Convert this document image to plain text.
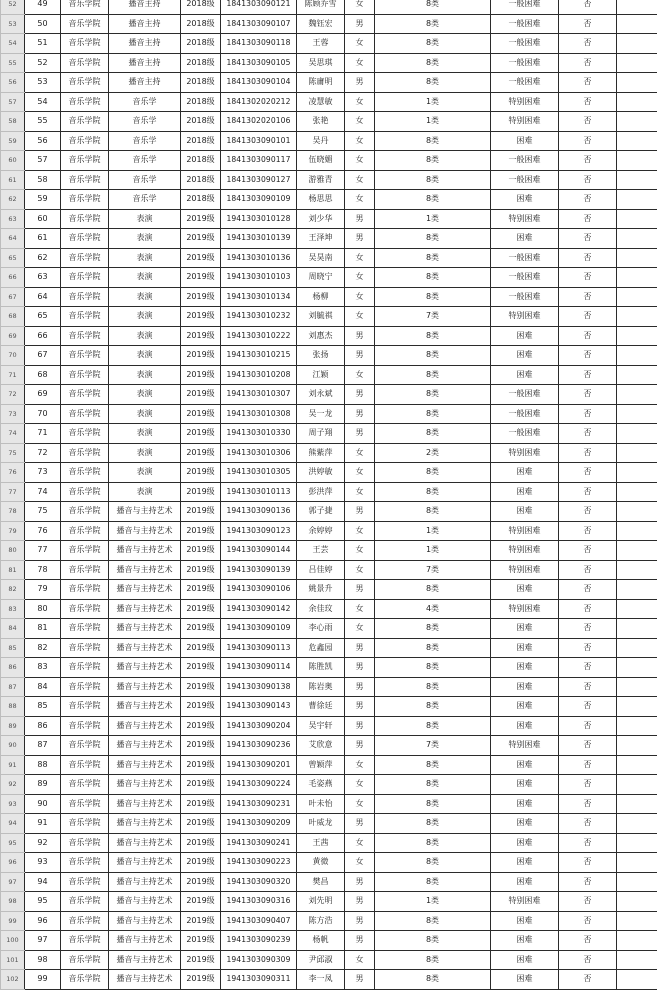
52	49	音乐学院	播音主持	2018级	1841303090121	陈顾乔雪	女	8类	一般困难	否	
53	50	音乐学院	播音主持	2018级	1841303090107	魏钰宏	男	8类	一般困难	否	
54	51	音乐学院	播音主持	2018级	1841303090118	王蓉	女	8类	一般困难	否	
55	52	音乐学院	播音主持	2018级	1841303090105	吴思琪	女	8类	一般困难	否	
56	53	音乐学院	播音主持	2018级	1841303090104	陈庸明	男	8类	一般困难	否	
57	54	音乐学院	音乐学	2018级	1841302020212	凌慧敏	女	1类	特别困难	否	
58	55	音乐学院	音乐学	2018级	1841302020106	张艳	女	1类	特别困难	否	
59	56	音乐学院	音乐学	2018级	1841303090101	吴丹	女	8类	困难	否	
60	57	音乐学院	音乐学	2018级	1841303090117	伍晓媚	女	8类	一般困难	否	
61	58	音乐学院	音乐学	2018级	1841303090127	游雅青	女	8类	一般困难	否	
62	59	音乐学院	音乐学	2018级	1841303090109	杨思思	女	8类	困难	否	
63	60	音乐学院	表演	2019级	1941303010128	刘少华	男	1类	特别困难	否	
64	61	音乐学院	表演	2019级	1941303010139	王泽坤	男	8类	困难	否	
65	62	音乐学院	表演	2019级	1941303010136	吴昊南	女	8类	一般困难	否	
66	63	音乐学院	表演	2019级	1941303010103	周晓宁	女	8类	一般困难	否	
67	64	音乐学院	表演	2019级	1941303010134	杨柳	女	8类	一般困难	否	
68	65	音乐学院	表演	2019级	1941303010232	刘毓祺	女	7类	特别困难	否	
69	66	音乐学院	表演	2019级	1941303010222	刘惠杰	男	8类	困难	否	
70	67	音乐学院	表演	2019级	1941303010215	张扬	男	8类	困难	否	
71	68	音乐学院	表演	2019级	1941303010208	江颖	女	8类	困难	否	
72	69	音乐学院	表演	2019级	1941303010307	刘永斌	男	8类	一般困难	否	
73	70	音乐学院	表演	2019级	1941303010308	吴一龙	男	8类	一般困难	否	
74	71	音乐学院	表演	2019级	1941303010330	周子翔	男	8类	一般困难	否	
75	72	音乐学院	表演	2019级	1941303010306	熊紫萍	女	2类	特别困难	否	
76	73	音乐学院	表演	2019级	1941303010305	洪婷敏	女	8类	困难	否	
77	74	音乐学院	表演	2019级	1941303010113	彭洪萍	女	8类	困难	否	
78	75	音乐学院	播音与主持艺术	2019级	1941303090136	郭子捷	男	8类	困难	否	
79	76	音乐学院	播音与主持艺术	2019级	1941303090123	余婷婷	女	1类	特别困难	否	
80	77	音乐学院	播音与主持艺术	2019级	1941303090144	王芸	女	1类	特别困难	否	
81	78	音乐学院	播音与主持艺术	2019级	1941303090139	吕佳婷	女	7类	特别困难	否	
82	79	音乐学院	播音与主持艺术	2019级	1941303090106	姚景升	男	8类	困难	否	
83	80	音乐学院	播音与主持艺术	2019级	1941303090142	余佳玟	女	4类	特别困难	否	
84	81	音乐学院	播音与主持艺术	2019级	1941303090109	李心雨	女	8类	困难	否	
85	82	音乐学院	播音与主持艺术	2019级	1941303090113	危鑫园	男	8类	困难	否	
86	83	音乐学院	播音与主持艺术	2019级	1941303090114	陈胜凯	男	8类	困难	否	
87	84	音乐学院	播音与主持艺术	2019级	1941303090138	陈岩奥	男	8类	困难	否	
88	85	音乐学院	播音与主持艺术	2019级	1941303090143	曹徐廷	男	8类	困难	否	
89	86	音乐学院	播音与主持艺术	2019级	1941303090204	吴宇轩	男	8类	困难	否	
90	87	音乐学院	播音与主持艺术	2019级	1941303090236	艾欣意	男	7类	特别困难	否	
91	88	音乐学院	播音与主持艺术	2019级	1941303090201	曾颖萍	女	8类	困难	否	
92	89	音乐学院	播音与主持艺术	2019级	1941303090224	毛姿燕	女	8类	困难	否	
93	90	音乐学院	播音与主持艺术	2019级	1941303090231	叶未怡	女	8类	困难	否	
94	91	音乐学院	播音与主持艺术	2019级	1941303090209	叶威龙	男	8类	困难	否	
95	92	音乐学院	播音与主持艺术	2019级	1941303090241	王茜	女	8类	困难	否	
96	93	音乐学院	播音与主持艺术	2019级	1941303090223	黄微	女	8类	困难	否	
97	94	音乐学院	播音与主持艺术	2019级	1941303090320	樊昌	男	8类	困难	否	
98	95	音乐学院	播音与主持艺术	2019级	1941303090316	刘先明	男	1类	特别困难	否	
99	96	音乐学院	播音与主持艺术	2019级	1941303090407	陈方浩	男	8类	困难	否	
100	97	音乐学院	播音与主持艺术	2019级	1941303090239	杨帆	男	8类	困难	否	
101	98	音乐学院	播音与主持艺术	2019级	1941303090309	尹邱淑	女	8类	困难	否	
102	99	音乐学院	播音与主持艺术	2019级	1941303090311	李一凤	男	8类	困难	否	
